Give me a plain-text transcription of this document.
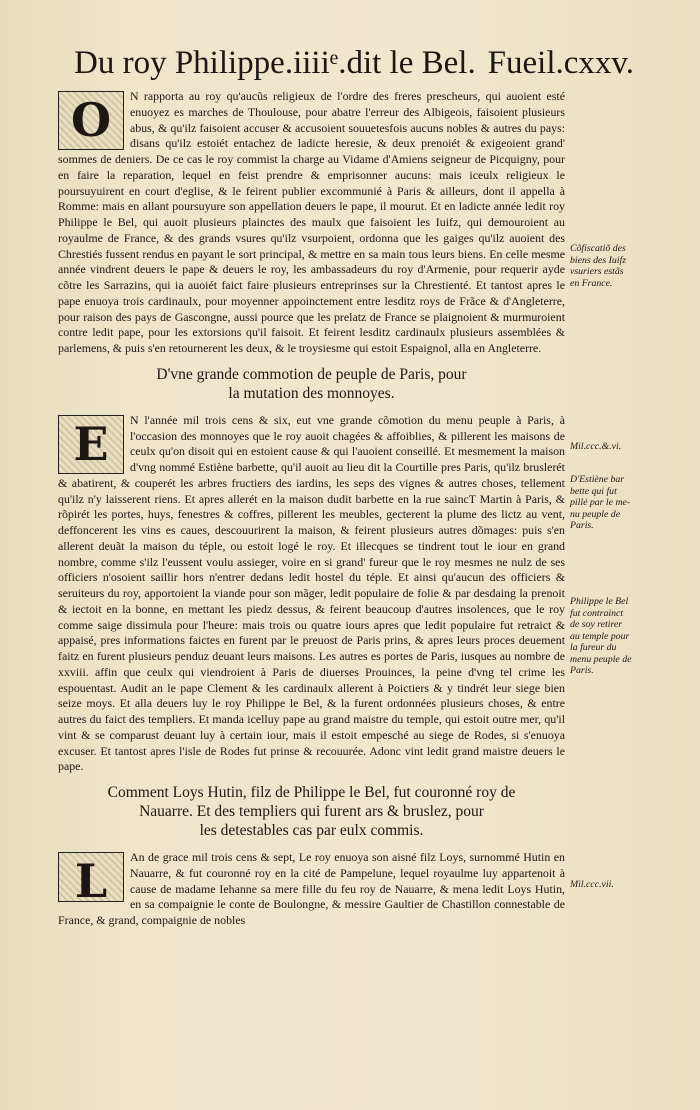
Du roy Philippe.iiiiᵉ.dit le Bel. Fueil.cxxv.
O	N rapporta au roy qu'aucũs religieux de l'ordre des freres prescheurs, qui auoient esté enuoyez es marches de Thoulouse, pour abatre l'erreur des Albigeois, faisoient plusieurs abus, & qu'ilz faisoient accuser & accusoient souuetesfois aucuns nobles & autres du pays: disans qu'ilz estoiét entachez de ladicte heresie, & deux prenoiét & exigeoient grand' sommes de deniers. De ce cas le roy commist la charge au Vidame d'Amiens seigneur de Picquigny, pour en faire la reparation, lequel en feist prendre & emprisonner aucuns: mais iceulx religieux le poursuyuirent en court d'eglise, & le feirent publier excommunié à Paris & ailleurs, dont il appella à Romme: mais en allant poursuyure son appellation deuers le pape, il mourut. Et en ladicte année ledit roy Philippe le Bel, qui auoit plusieurs plainctes des maulx que faisoient les Iuifz, qui demouroient au royaulme de France, & des grands vsures qu'ilz vsurpoient, ordonna que les gaiges qu'ilz auoient des Chrestiés fussent rendus en payant le sort principal, & mettre en sa main tous leurs biens. En celle mesme année vindrent deuers le pape & deuers le roy, les ambassadeurs du roy d'Armenie, pour requerir ayde cõtre les Sarrazins, qui ia auoiét faict faire plusieurs entreprinses sur la Chrestienté. Et tantost apres le pape enuoya trois cardinaulx, pour moyenner appoinctement entre lesditz roys de Frãce & d'Angleterre, pour raison des pays de Gascongne, aussi pource que les prelatz de France se plaignoient & murmuroient contre ledit pape, pour les extorsions qu'il faisoit. Et feirent lesditz cardinaulx plusieurs assemblées & parlemens, & puis s'en retournerent les deux, & le troysiesme qui estoit Espaignol, alla en Angleterre.
D'vne grande commotion de peuple de Paris, pour
la mutation des monnoyes.
E	N l'année mil trois cens & six, eut vne grande cõmotion du menu peuple à Paris, à l'occasion des monnoyes que le roy auoit chagées & affoiblies, & pillerent les maisons de ceulx qu'on disoit qui en estoient cause & qui l'auoient conseillé. Et mesmement la maison d'vng nommé Estiène barbette, qu'il auoit au lieu dit la Courtille pres Paris, qu'ilz bruslerét & abatirent, & couperét les arbres fructiers des iardins, les seps des vignes & autres choses, tellement qu'ilz n'y laisserent riens. Et apres allerét en la maison dudit barbette en la rue saincT Martin à Paris, & rõpirét les portes, huys, fenestres & coffres, pillerent les meubles, gecterent la plume des lictz au vent, deffoncerent les vins es caues, descouurirent la maison, & feirent plusieurs autres dõmages: puis s'en allerent deuãt la maison du téple, ou estoit logé le roy. Et illecques se tindrent tout le iour en grand nombre, comme s'ilz l'eussent voulu assieger, voire en si grand' fureur que le roy mesmes ne nulz de ses officiers n'osoient saillir hors n'entrer dedans ledit hostel du téple. Et ainsi qu'aucun des officiers & seruiteurs du roy, apportoient la viande pour son mãger, ledit populaire de folie & par desdaing la prenoit & iectoit en la bonne, en mettant les piedz dessus, & feirent beaucoup d'autres insolences, que le roy comme saige dissimula pour l'heure: mais trois ou quatre iours apres que ledit populaire fut retraict & appaisé, pres informations faictes en furent par le preuost de Paris prins, & apres leurs proces deuement faitz en furent plusieurs penduz deuant leurs maisons. Les autres es portes de Paris, iusques au nombre de xxviii. affin que ceulx qui viendroient à Paris de diuerses Prouinces, la peine d'vng tel crime les espouentast. Audit an le pape Clement & les cardinaulx allerent à Poictiers & y tindrét leur siege bien seize moys. Et alla deuers luy le roy Philippe le Bel, & la furent ordonnées plusieurs choses, & entre autres du faict des templiers. Et manda icelluy pape au grand maistre du temple, qui estoit outre mer, qu'il vint & se comparust deuant luy à certain iour, mais il estoit empesché au siege de Rodes, si s'enuoya excuser. Et tantost apres l'isle de Rodes fut prinse & recouurée. Adonc vint ledit grand maistre deuers le pape.
Comment Loys Hutin, filz de Philippe le Bel, fut couronné roy de
Nauarre. Et des templiers qui furent ars & bruslez, pour
les detestables cas par eulx commis.
L	An de grace mil trois cens & sept, Le roy enuoya son aisné filz Loys, surnommé Hutin en Nauarre, & fut couronné roy en la cité de Pampelune, lequel royaulme luy appartenoit à cause de madame Iehanne sa mere fille du feu roy de Nauarre, & mena ledit Loys Hutin, en sa compaignie le conte de Boulongne, & messire Gaultier de Chastillon connestable de France, & grand, compaignie de nobles
Cõfiscatiõ des
biens des Iuifz
vsuriers estãs
en France.
Mil.ccc.&.vi.
D'Estiène bar
bette qui fut
pillé par le me-
nu peuple de
Paris.
Philippe le Bel
fut contrainct
de soy retirer
au temple pour
la fureur du
menu peuple de
Paris.
Mil.ccc.vii.
